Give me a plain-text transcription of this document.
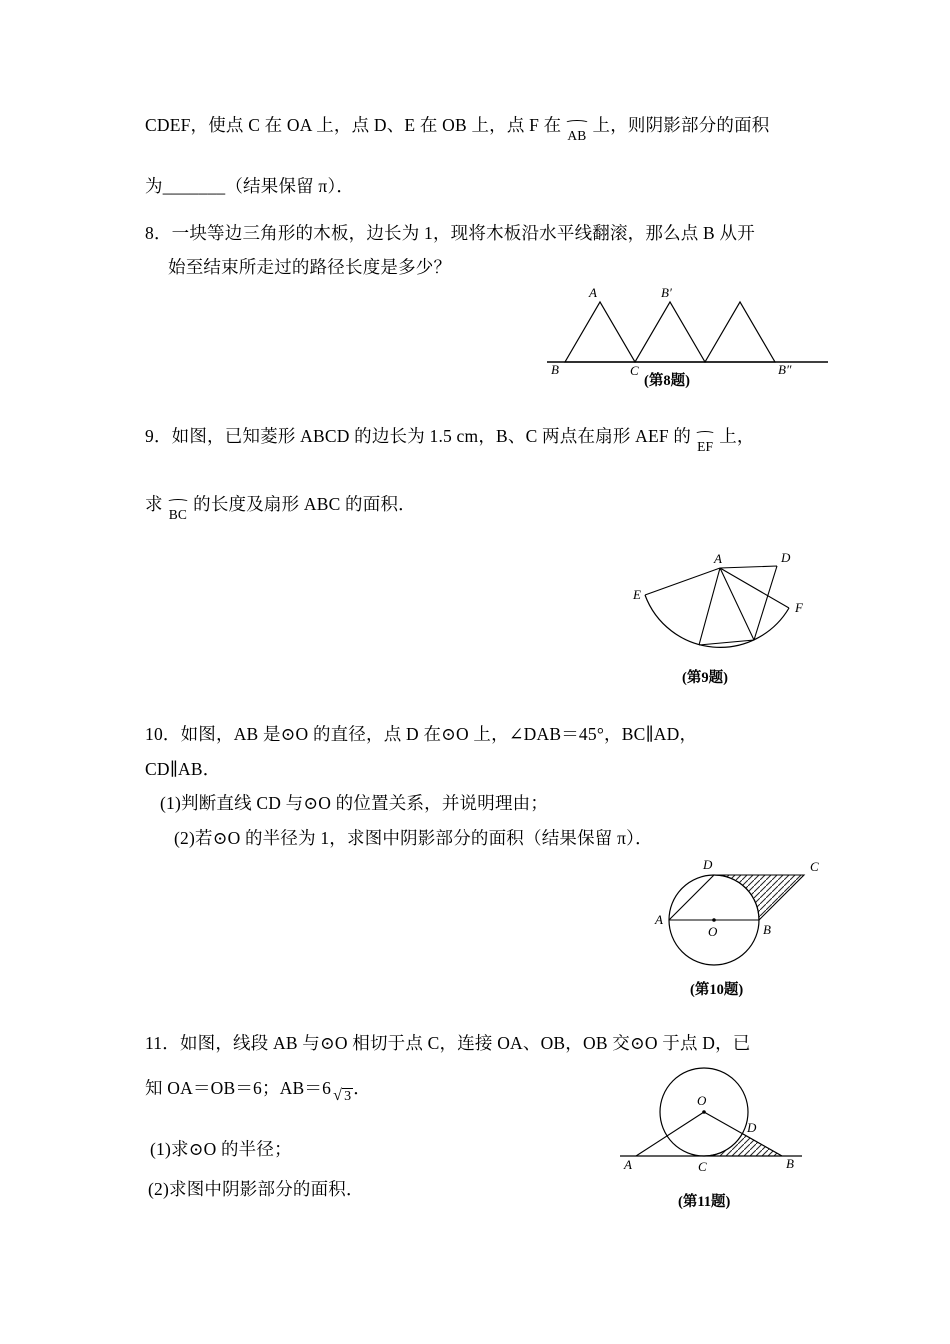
CDEF，使点 C 在 OA 上，点 D、E 在 OB 上，点 F 在
AB上，则阴影部分的面积
为_______（结果保留 π）．
8．一块等边三角形的木板，边长为 1，现将木板沿水平线翻滚，那么点 B 从开
始至结束所走过的路径长度是多少？
A	B′
B	C	B″
(第8题)
9．如图，已知菱形 ABCD 的边长为 1.5 cm，B、C 两点在扇形 AEF 的
EF上，
求
BC的长度及扇形 ABC 的面积．
A	D
E
F
(第9题)
10．如图，AB 是⊙O 的直径，点 D 在⊙O 上，∠DAB＝45°，BC∥AD，
CD∥AB．
(1)判断直线 CD 与⊙O 的位置关系，并说明理由；
(2)若⊙O 的半径为 1，求图中阴影部分的面积（结果保留 π）．
D	C
A
O	B
(第10题)
11．如图，线段 AB 与⊙O 相切于点 C，连接 OA、OB，OB 交⊙O 于点 D，已
知 OA＝OB＝6；AB＝6 √ 3 ．
(1)求⊙O 的半径；
(2)求图中阴影部分的面积．
O
D
A	C	B
(第11题)
